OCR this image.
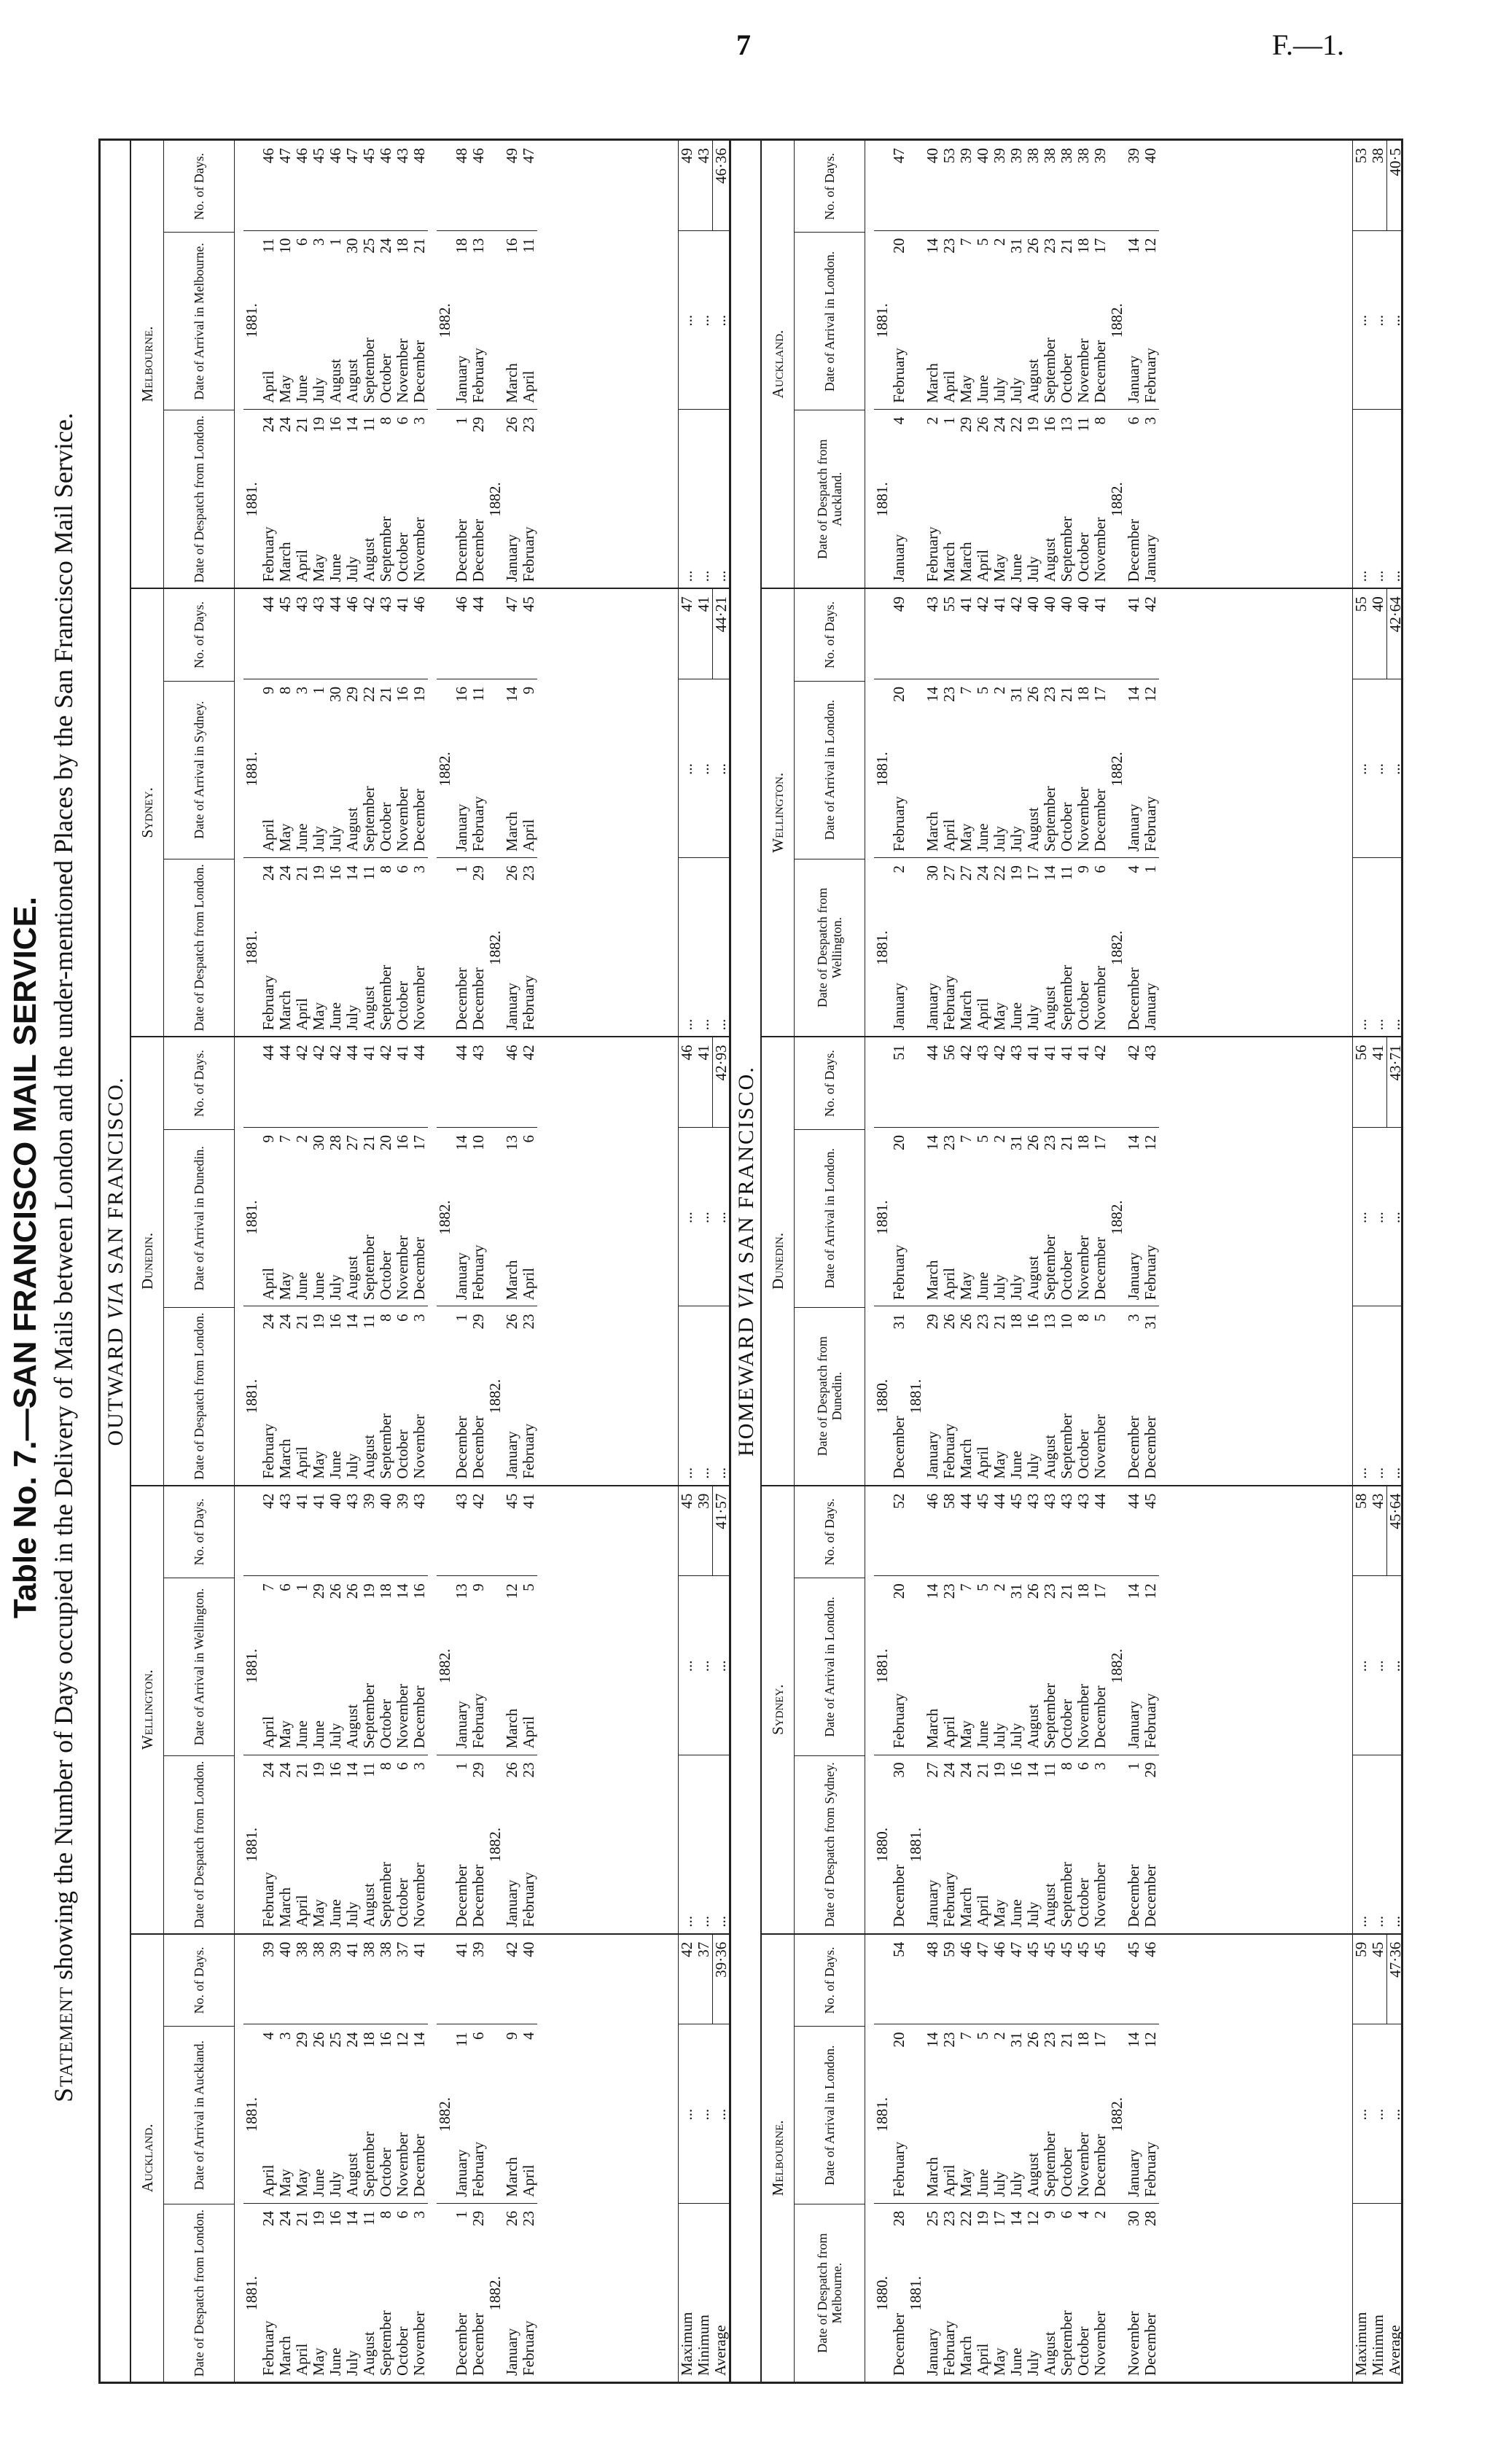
7	F.—1.
Table No. 7.—SAN FRANCISCO MAIL SERVICE.
Statement showing the Number of Days occupied in the Delivery of Mails between London and the under-mentioned Places by the San Francisco Mail Service. OUTWARD VIA SAN FRANCISCO.
Auckland.
Date of Despatch from London.
Date of Arrival in Auckland.
No. of Days.
1881.
1881.
February
24
April
4
39
March
24
May
3
40
April
21
May
29
38
May
19
June
26
38
June
16
July
25
39
July
14
August
24
41
August
11
September
18
38
September
8
October
16
38
October
6
November
12
37
November
3
December
14
41
1882.
December
1
January
11
41
December
29
February
6
39
1882.
January
26
March
9
42
February
23
April
4
40
Maximum
...
42
Minimum
...
37
Average
...
39·36
Wellington.
Date of Despatch from London.
Date of Arrival in Wellington.
No. of Days.
1881.
1881.
February
24
April
7
42
March
24
May
6
43
April
21
June
1
41
May
19
June
29
41
June
16
July
26
40
July
14
August
26
43
August
11
September
19
39
September
8
October
18
40
October
6
November
14
39
November
3
December
16
43
1882.
December
1
January
13
43
December
29
February
9
42
1882.
January
26
March
12
45
February
23
April
5
41
...
...
45
...
...
39
...
...
41·57
Dunedin.
Date of Despatch from London.
Date of Arrival in Dunedin.
No. of Days.
1881.
1881.
February
24
April
9
44
March
24
May
7
44
April
21
June
2
42
May
19
June
30
42
June
16
July
28
42
July
14
August
27
44
August
11
September
21
41
September
8
October
20
42
October
6
November
16
41
November
3
December
17
44
1882.
December
1
January
14
44
December
29
February
10
43
1882.
January
26
March
13
46
February
23
April
6
42
...
...
46
...
...
41
...
...
42·93
Sydney.
Date of Despatch from London.
Date of Arrival in Sydney.
No. of Days.
1881.
1881.
February
24
April
9
44
March
24
May
8
45
April
21
June
3
43
May
19
July
1
43
June
16
July
30
44
July
14
August
29
46
August
11
September
22
42
September
8
October
21
43
October
6
November
16
41
November
3
December
19
46
1882.
December
1
January
16
46
December
29
February
11
44
1882.
January
26
March
14
47
February
23
April
9
45
...
...
47
...
...
41
...
...
44·21
Melbourne.
Date of Despatch from London.
Date of Arrival in Melbourne.
No. of Days.
1881.
1881.
February
24
April
11
46
March
24
May
10
47
April
21
June
6
46
May
19
July
3
45
June
16
August
1
46
July
14
August
30
47
August
11
September
25
45
September
8
October
24
46
October
6
November
18
43
November
3
December
21
48
1882.
December
1
January
18
48
December
29
February
13
46
1882.
January
26
March
16
49
February
23
April
11
47
...
...
49
...
...
43
...
...
46·36
HOMEWARD VIA SAN FRANCISCO.
Melbourne.
Date of Despatch from Melbourne.
Date of Arrival in London.
No. of Days.
1880.
1881.
December
28
February
20
54
1881.
January
25
March
14
48
February
23
April
23
59
March
22
May
7
46
April
19
June
5
47
May
17
July
2
46
June
14
July
31
47
July
12
August
26
45
August
9
September
23
45
September
6
October
21
45
October
4
November
18
45
November
2
December
17
45
1882.
November
30
January
14
45
December
28
February
12
46
Maximum
...
59
Minimum
...
45
Average
...
47·36
Sydney.
Date of Despatch from Sydney.
Date of Arrival in London.
No. of Days.
1880.
1881.
December
30
February
20
52
1881.
January
27
March
14
46
February
24
April
23
58
March
24
May
7
44
April
21
June
5
45
May
19
July
2
44
June
16
July
31
45
July
14
August
26
43
August
11
September
23
43
September
8
October
21
43
October
6
November
18
43
November
3
December
17
44
1882.
December
1
January
14
44
December
29
February
12
45
...
...
58
...
...
43
...
...
45·64
Dunedin.
Date of Despatch from Dunedin.
Date of Arrival in London.
No. of Days.
1880.
1881.
December
31
February
20
51
1881.
January
29
March
14
44
February
26
April
23
56
March
26
May
7
42
April
23
June
5
43
May
21
July
2
42
June
18
July
31
43
July
16
August
26
41
August
13
September
23
41
September
10
October
21
41
October
8
November
18
41
November
5
December
17
42
1882.
December
3
January
14
42
December
31
February
12
43
...
...
56
...
...
41
...
...
43·71
Wellington.
Date of Despatch from Wellington.
Date of Arrival in London.
No. of Days.
1881.
1881.
January
2
February
20
49
January
30
March
14
43
February
27
April
23
55
March
27
May
7
41
April
24
June
5
42
May
22
July
2
41
June
19
July
31
42
July
17
August
26
40
August
14
September
23
40
September
11
October
21
40
October
9
November
18
40
November
6
December
17
41
1882.
1882.
December
4
January
14
41
January
1
February
12
42
...
...
55
...
...
40
...
...
42·64
Auckland.
Date of Despatch from Auckland.
Date of Arrival in London.
No. of Days.
1881.
1881.
January
4
February
20
47
February
2
March
14
40
March
1
April
23
53
March
29
May
7
39
April
26
June
5
40
May
24
July
2
39
June
22
July
31
39
July
19
August
26
38
August
16
September
23
38
September
13
October
21
38
October
11
November
18
38
November
8
December
17
39
1882.
1882.
December
6
January
14
39
January
3
February
12
40
...
...
53
...
...
38
...
...
40·5
